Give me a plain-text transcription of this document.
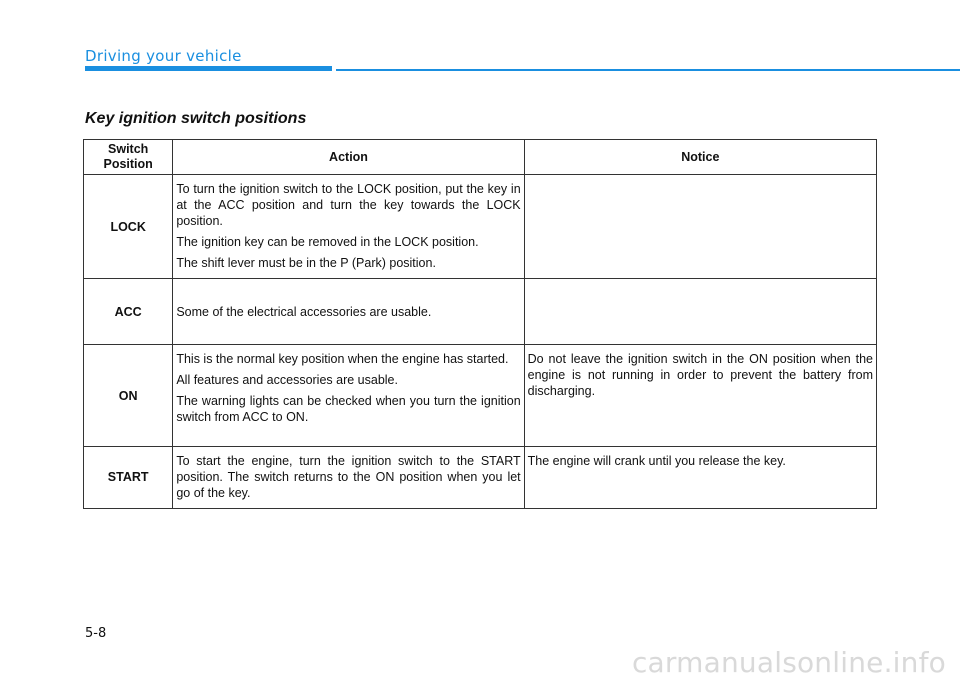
Driving your vehicle
Key ignition switch positions
Switch
Position	Action	Notice
LOCK	To turn the ignition switch to the LOCK position, put the key in at the ACC position and turn the key towards the LOCK position.

The ignition key can be removed in the LOCK position.

The shift lever must be in the P (Park) position.	

ACC	Some of the electrical accessories are usable.	

ON	This is the normal key position when the engine has started.

All features and accessories are usable.

The warning lights can be checked when you turn the ignition switch from ACC to ON.	Do not leave the ignition switch in the ON position when the engine is not running in order to prevent the battery from discharging.

START	To start the engine, turn the ignition switch to the START position. The switch returns to the ON position when you let go of the key.	The engine will crank until you release the key.

5-8
carmanualsonline.info
